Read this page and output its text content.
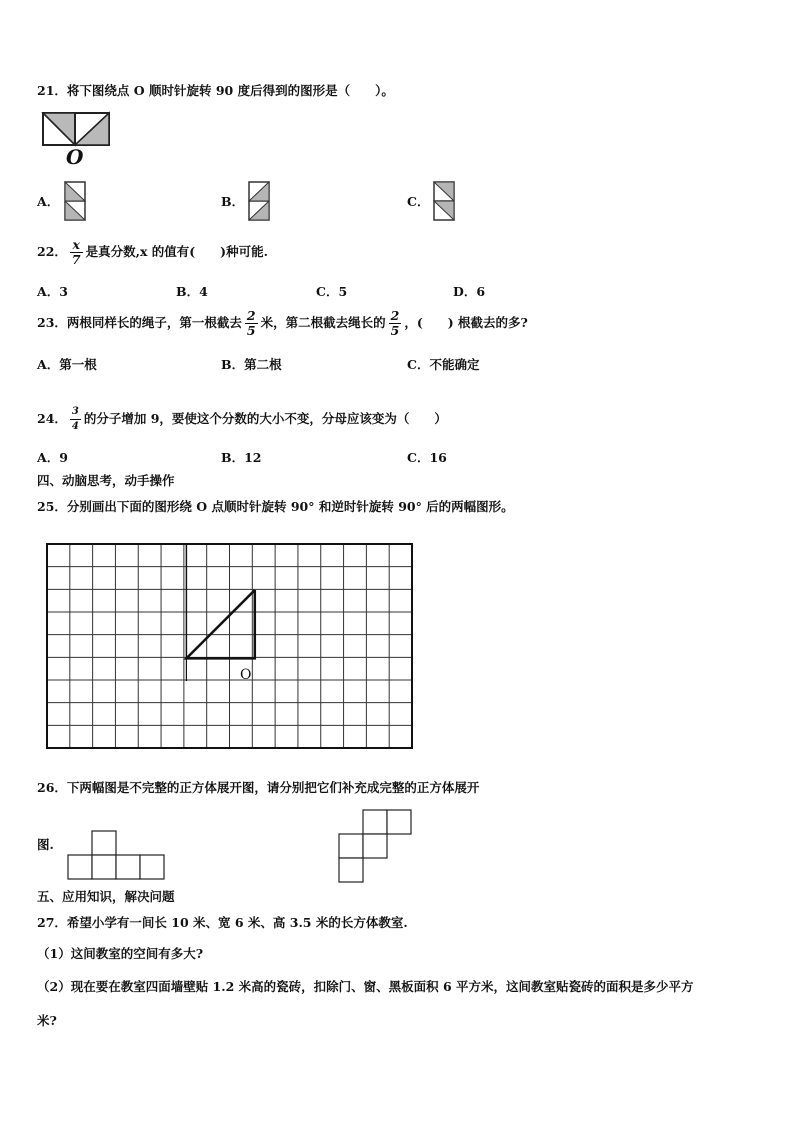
21．将下图绕点 O 顺时针旋转 90 度后得到的图形是（　　）。
O
A．	B．	C．
22． $\frac{x}{7}$ 是真分数,x 的值有(　　)种可能.
A．3	B．4	C．5	D．6
23．两根同样长的绳子，第一根截去 $\frac{2}{5}$ 米，第二根截去绳长的 $\frac{2}{5}$ ，(　　) 根截去的多?
A．第一根	B．第二根	C．不能确定
24． $\frac{3}{4}$ 的分子增加 9，要使这个分数的大小不变，分母应该变为（　　）
A．9	B．12	C．16
四、动脑思考，动手操作
25．分别画出下面的图形绕 O 点顺时针旋转 90° 和逆时针旋转 90° 后的两幅图形。
O
26．下两幅图是不完整的正方体展开图，请分别把它们补充成完整的正方体展开
图.
五、应用知识，解决问题
27．希望小学有一间长 10 米、宽 6 米、高 3.5 米的长方体教室.
（1）这间教室的空间有多大?
（2）现在要在教室四面墙壁贴 1.2 米高的瓷砖，扣除门、窗、黑板面积 6 平方米，这间教室贴瓷砖的面积是多少平方
米?
